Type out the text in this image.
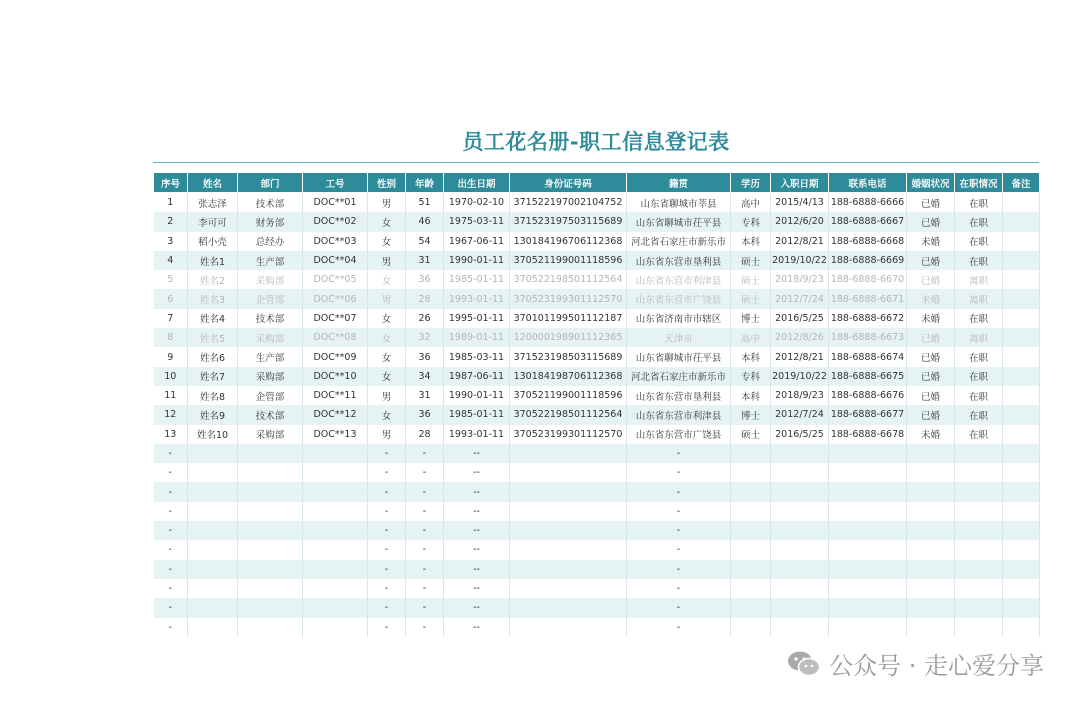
员工花名册-职工信息登记表
序号	姓名	部门	工号	性别	年龄	出生日期	身份证号码	籍贯	学历	入职日期	联系电话	婚姻状况	在职情况	备注
1	张志泽	技术部	DOC**01	男	51	1970-02-10	371522197002104752	山东省聊城市莘县	高中	2015/4/13	188-6888-6666	已婚	在职	
2	李可可	财务部	DOC**02	女	46	1975-03-11	371523197503115689	山东省聊城市茌平县	专科	2012/6/20	188-6888-6667	已婚	在职	
3	稻小壳	总经办	DOC**03	女	54	1967-06-11	130184196706112368	河北省石家庄市新乐市	本科	2012/8/21	188-6888-6668	未婚	在职	
4	姓名1	生产部	DOC**04	男	31	1990-01-11	370521199001118596	山东省东营市垦利县	硕士	2019/10/22	188-6888-6669	已婚	在职	
5	姓名2	采购部	DOC**05	女	36	1985-01-11	370522198501112564	山东省东营市利津县	硕士	2018/9/23	188-6888-6670	已婚	离职	
6	姓名3	企管部	DOC**06	男	28	1993-01-11	370523199301112570	山东省东营市广饶县	硕士	2012/7/24	188-6888-6671	未婚	离职	
7	姓名4	技术部	DOC**07	女	26	1995-01-11	370101199501112187	山东省济南市市辖区	博士	2016/5/25	188-6888-6672	未婚	在职	
8	姓名5	采购部	DOC**08	女	32	1989-01-11	120000198901112365	天津市	高中	2012/8/26	188-6888-6673	已婚	离职	
9	姓名6	生产部	DOC**09	女	36	1985-03-11	371523198503115689	山东省聊城市茌平县	本科	2012/8/21	188-6888-6674	已婚	在职	
10	姓名7	采购部	DOC**10	女	34	1987-06-11	130184198706112368	河北省石家庄市新乐市	专科	2019/10/22	188-6888-6675	已婚	在职	
11	姓名8	企管部	DOC**11	男	31	1990-01-11	370521199001118596	山东省东营市垦利县	本科	2018/9/23	188-6888-6676	已婚	在职	
12	姓名9	技术部	DOC**12	女	36	1985-01-11	370522198501112564	山东省东营市利津县	博士	2012/7/24	188-6888-6677	已婚	在职	
13	姓名10	采购部	DOC**13	男	28	1993-01-11	370523199301112570	山东省东营市广饶县	硕士	2016/5/25	188-6888-6678	未婚	在职	
-				-	-	--		-						
-				-	-	--		-						
-				-	-	--		-						
-				-	-	--		-						
-				-	-	--		-						
-				-	-	--		-						
-				-	-	--		-						
-				-	-	--		-						
-				-	-	--		-						
-				-	-	--		-						
公众号 · 走心爱分享
